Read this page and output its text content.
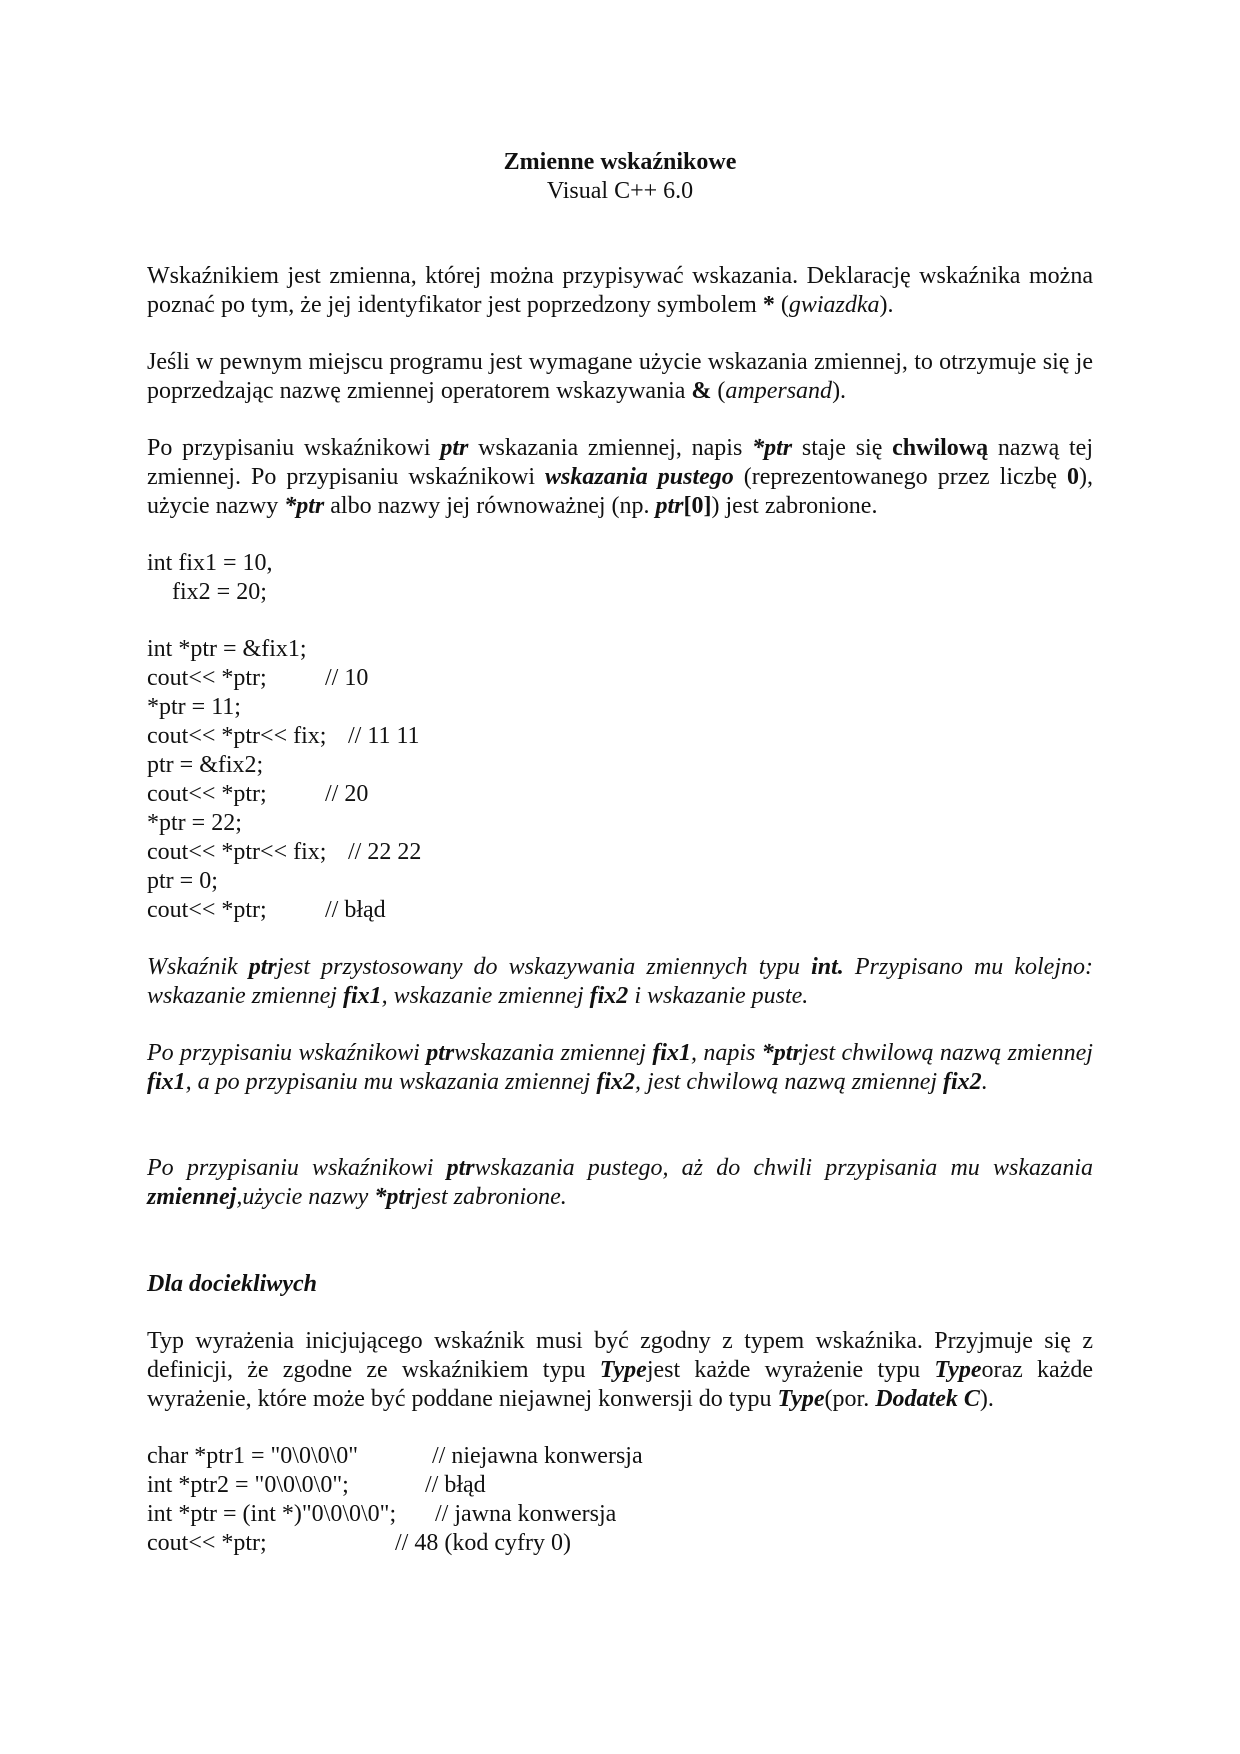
Zmienne wskaźnikowe

Visual C++ 6.0

Wskaźnikiem jest zmienna, której można przypisywać wskazania. Deklarację wskaźnika można poznać po tym, że jej identyfikator jest poprzedzony symbolem * (gwiazdka).

Jeśli w pewnym miejscu programu jest wymagane użycie wskazania zmiennej, to otrzymuje się je poprzedzając nazwę zmiennej operatorem wskazywania & (ampersand).

Po przypisaniu wskaźnikowi ptr wskazania zmiennej, napis *ptr staje się chwilową nazwą tej zmiennej. Po przypisaniu wskaźnikowi wskazania pustego (reprezentowanego przez liczbę 0), użycie nazwy *ptr albo nazwy jej równoważnej (np. ptr[0]) jest zabronione.

int fix1 = 10,
fix2 = 20;
int *ptr = &fix1;
cout<< *ptr; // 10
*ptr = 11;
cout<< *ptr<< fix; // 11 11
ptr = &fix2;
cout<< *ptr; // 20
*ptr = 22;
cout<< *ptr<< fix; // 22 22
ptr = 0;
cout<< *ptr; // błąd

Wskaźnik ptrjest przystosowany do wskazywania zmiennych typu int. Przypisano mu kolejno: wskazanie zmiennej fix1, wskazanie zmiennej fix2 i wskazanie puste.

Po przypisaniu wskaźnikowi ptrwskazania zmiennej fix1, napis *ptrjest chwilową nazwą zmiennej fix1, a po przypisaniu mu wskazania zmiennej fix2, jest chwilową nazwą zmiennej fix2.

Po przypisaniu wskaźnikowi ptrwskazania pustego, aż do chwili przypisania mu wskazania zmiennej,użycie nazwy *ptrjest zabronione.

Dla dociekliwych

Typ wyrażenia inicjującego wskaźnik musi być zgodny z typem wskaźnika. Przyjmuje się z definicji, że zgodne ze wskaźnikiem typu Typejest każde wyrażenie typu Typeoraz każde wyrażenie, które może być poddane niejawnej konwersji do typu Type(por. Dodatek C).

char *ptr1 = "0\0\0\0"	// niejawna konwersja
int *ptr2 = "0\0\0\0";	// błąd
int *ptr = (int *)"0\0\0\0"; // jawna konwersja
cout<< *ptr;	// 48 (kod cyfry 0)
